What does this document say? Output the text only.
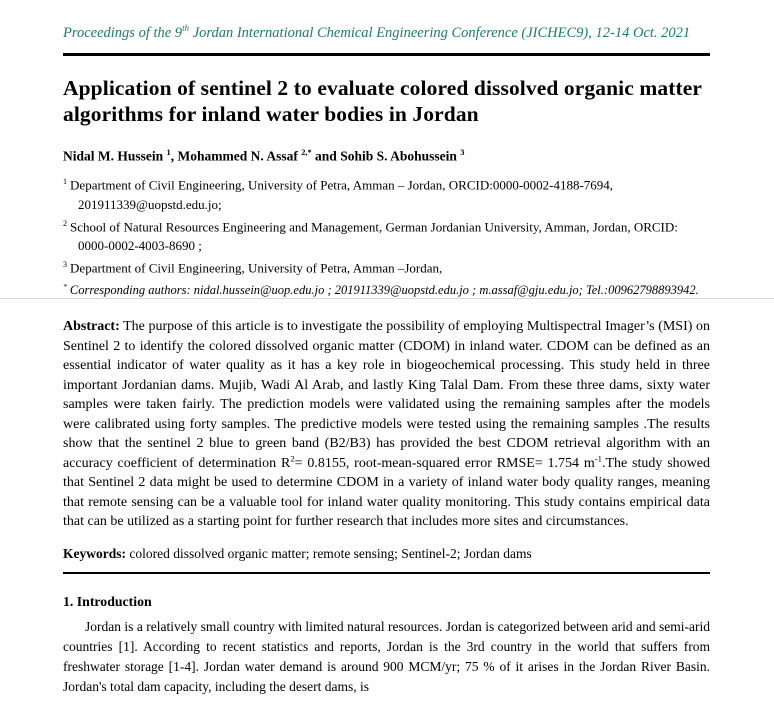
Proceedings of the 9th Jordan International Chemical Engineering Conference (JICHEC9), 12-14 Oct. 2021
Application of sentinel 2 to evaluate colored dissolved organic matter algorithms for inland water bodies in Jordan
Nidal M. Hussein $^1$, Mohammed N. Assaf $^{2,*}$ and Sohib S. Abohussein $^3$
$^1$ Department of Civil Engineering, University of Petra, Amman – Jordan, ORCID:0000-0002-4188-7694, 201911339@uopstd.edu.jo;
$^2$ School of Natural Resources Engineering and Management, German Jordanian University, Amman, Jordan, ORCID: 0000-0002-4003-8690 ;
$^3$ Department of Civil Engineering, University of Petra, Amman –Jordan,
* Corresponding authors: nidal.hussein@uop.edu.jo ; 201911339@uopstd.edu.jo ; m.assaf@gju.edu.jo; Tel.:00962798893942.

Abstract: The purpose of this article is to investigate the possibility of employing Multispectral Imager’s (MSI) on Sentinel 2 to identify the colored dissolved organic matter (CDOM) in inland water. CDOM can be defined as an essential indicator of water quality as it has a key role in biogeochemical processing. This study held in three important Jordanian dams. Mujib, Wadi Al Arab, and lastly King Talal Dam. From these three dams, sixty water samples were taken fairly. The prediction models were validated using the remaining samples after the models were calibrated using forty samples. The predictive models were tested using the remaining samples .The results show that the sentinel 2 blue to green band (B2/B3) has provided the best CDOM retrieval algorithm with an accuracy coefficient of determination $R^2= 0.8155$, root-mean-squared error RMSE= 1.754 $m^{-1}.The$ study showed that Sentinel 2 data might be used to determine CDOM in a variety of inland water body quality ranges, meaning that remote sensing can be a valuable tool for inland water quality monitoring. This study contains empirical data that can be utilized as a starting point for further research that includes more sites and circumstances.

Keywords: colored dissolved organic matter; remote sensing; Sentinel-2; Jordan dams

1. Introduction

Jordan is a relatively small country with limited natural resources. Jordan is categorized between arid and semi-arid countries [1]. According to recent statistics and reports, Jordan is the 3rd country in the world that suffers from freshwater storage [1-4]. Jordan water demand is around 900 MCM/yr; 75 % of it arises in the Jordan River Basin. Jordan's total dam capacity, including the desert dams, is
